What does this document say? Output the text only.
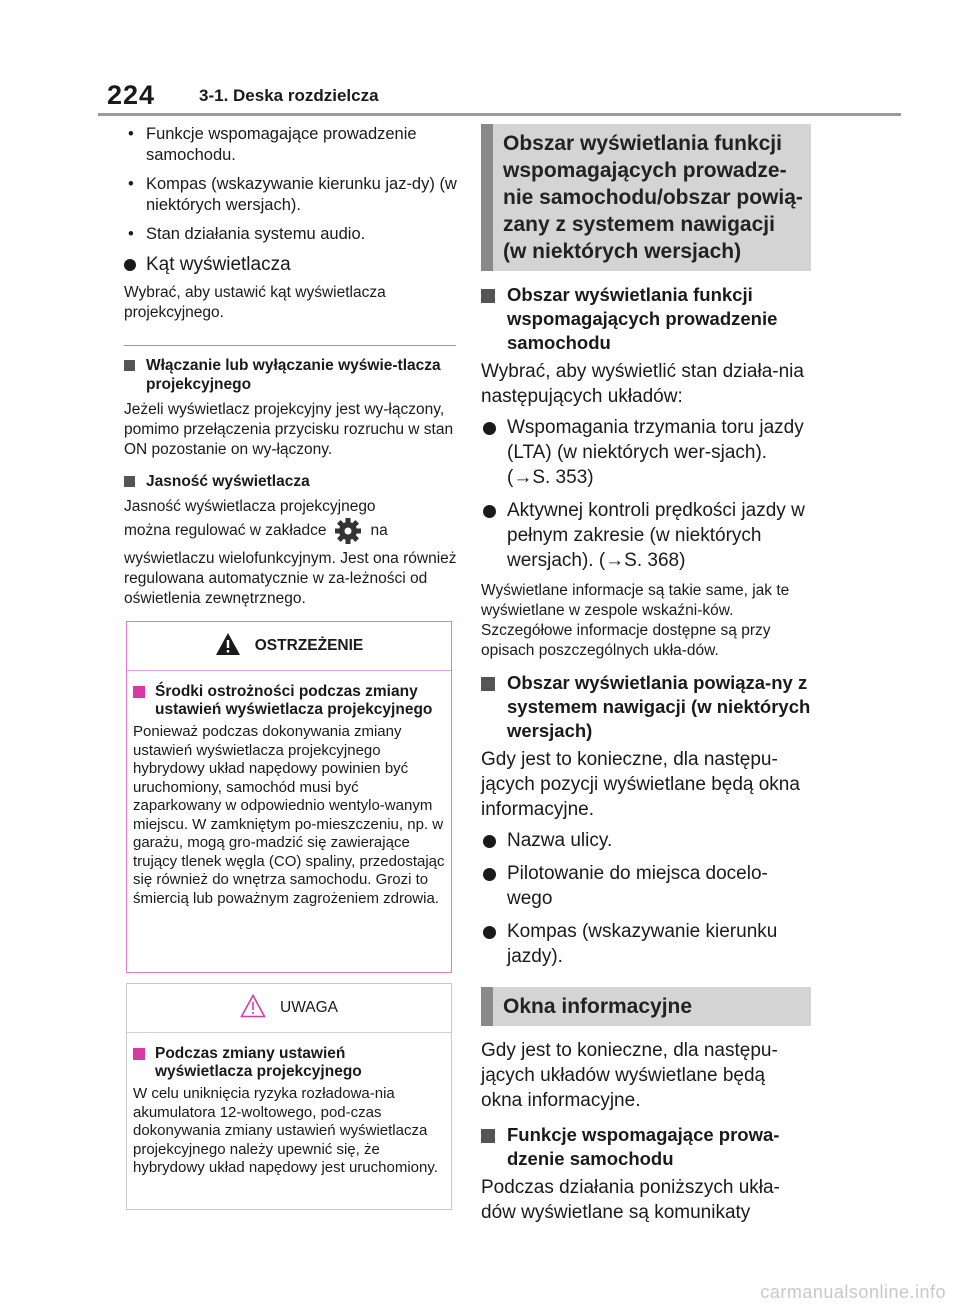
224	3-1. Deska rozdzielcza
• Funkcje wspomagające prowadzenie samochodu.
• Kompas (wskazywanie kierunku jaz-dy) (w niektórych wersjach).
• Stan działania systemu audio.
Kąt wyświetlacza

Wybrać, aby ustawić kąt wyświetlacza projekcyjnego.

Włączanie lub wyłączanie wyświe-tlacza projekcyjnego

Jeżeli wyświetlacz projekcyjny jest wy-łączony, pomimo przełączenia przycisku rozruchu w stan ON pozostanie on wy-łączony.

Jasność wyświetlacza

Jasność wyświetlacza projekcyjnego

można regulować w zakładce	na

wyświetlaczu wielofunkcyjnym. Jest ona również regulowana automatycznie w za-leżności od oświetlenia zewnętrznego.

OSTRZEŻENIE
Środki ostrożności podczas zmiany ustawień wyświetlacza projekcyjnego

Ponieważ podczas dokonywania zmiany ustawień wyświetlacza projekcyjnego hybrydowy układ napędowy powinien być uruchomiony, samochód musi być zaparkowany w odpowiednio wentylo-wanym miejscu. W zamkniętym po-mieszczeniu, np. w garażu, mogą gro-madzić się zawierające trujący tlenek węgla (CO) spaliny, przedostając się również do wnętrza samochodu. Grozi to śmiercią lub poważnym zagrożeniem zdrowia.

UWAGA
Podczas zmiany ustawień wyświetlacza projekcyjnego

W celu uniknięcia ryzyka rozładowa-nia akumulatora 12-woltowego, pod-czas dokonywania zmiany ustawień wyświetlacza projekcyjnego należy upewnić się, że hybrydowy układ napędowy jest uruchomiony.

Obszar wyświetlania funkcji wspomagających prowadze-nie samochodu/obszar powią-zany z systemem nawigacji (w niektórych wersjach)
Obszar wyświetlania funkcji wspomagających prowadzenie samochodu

Wybrać, aby wyświetlić stan działa-nia następujących układów:

Wspomagania trzymania toru jazdy (LTA) (w niektórych wer-sjach). (→S. 353)
Aktywnej kontroli prędkości jazdy w pełnym zakresie (w niektórych wersjach). (→S. 368)

Wyświetlane informacje są takie same, jak te wyświetlane w zespole wskaźni-ków. Szczegółowe informacje dostępne są przy opisach poszczególnych ukła-dów.

Obszar wyświetlania powiąza-ny z systemem nawigacji (w niektórych wersjach)

Gdy jest to konieczne, dla następu-jących pozycji wyświetlane będą okna informacyjne.

Nazwa ulicy.
Pilotowanie do miejsca docelo-wego
Kompas (wskazywanie kierunku jazdy).
Okna informacyjne

Gdy jest to konieczne, dla następu-jących układów wyświetlane będą okna informacyjne.

Funkcje wspomagające prowa-dzenie samochodu

Podczas działania poniższych ukła-dów wyświetlane są komunikaty

carmanualsonline.info
